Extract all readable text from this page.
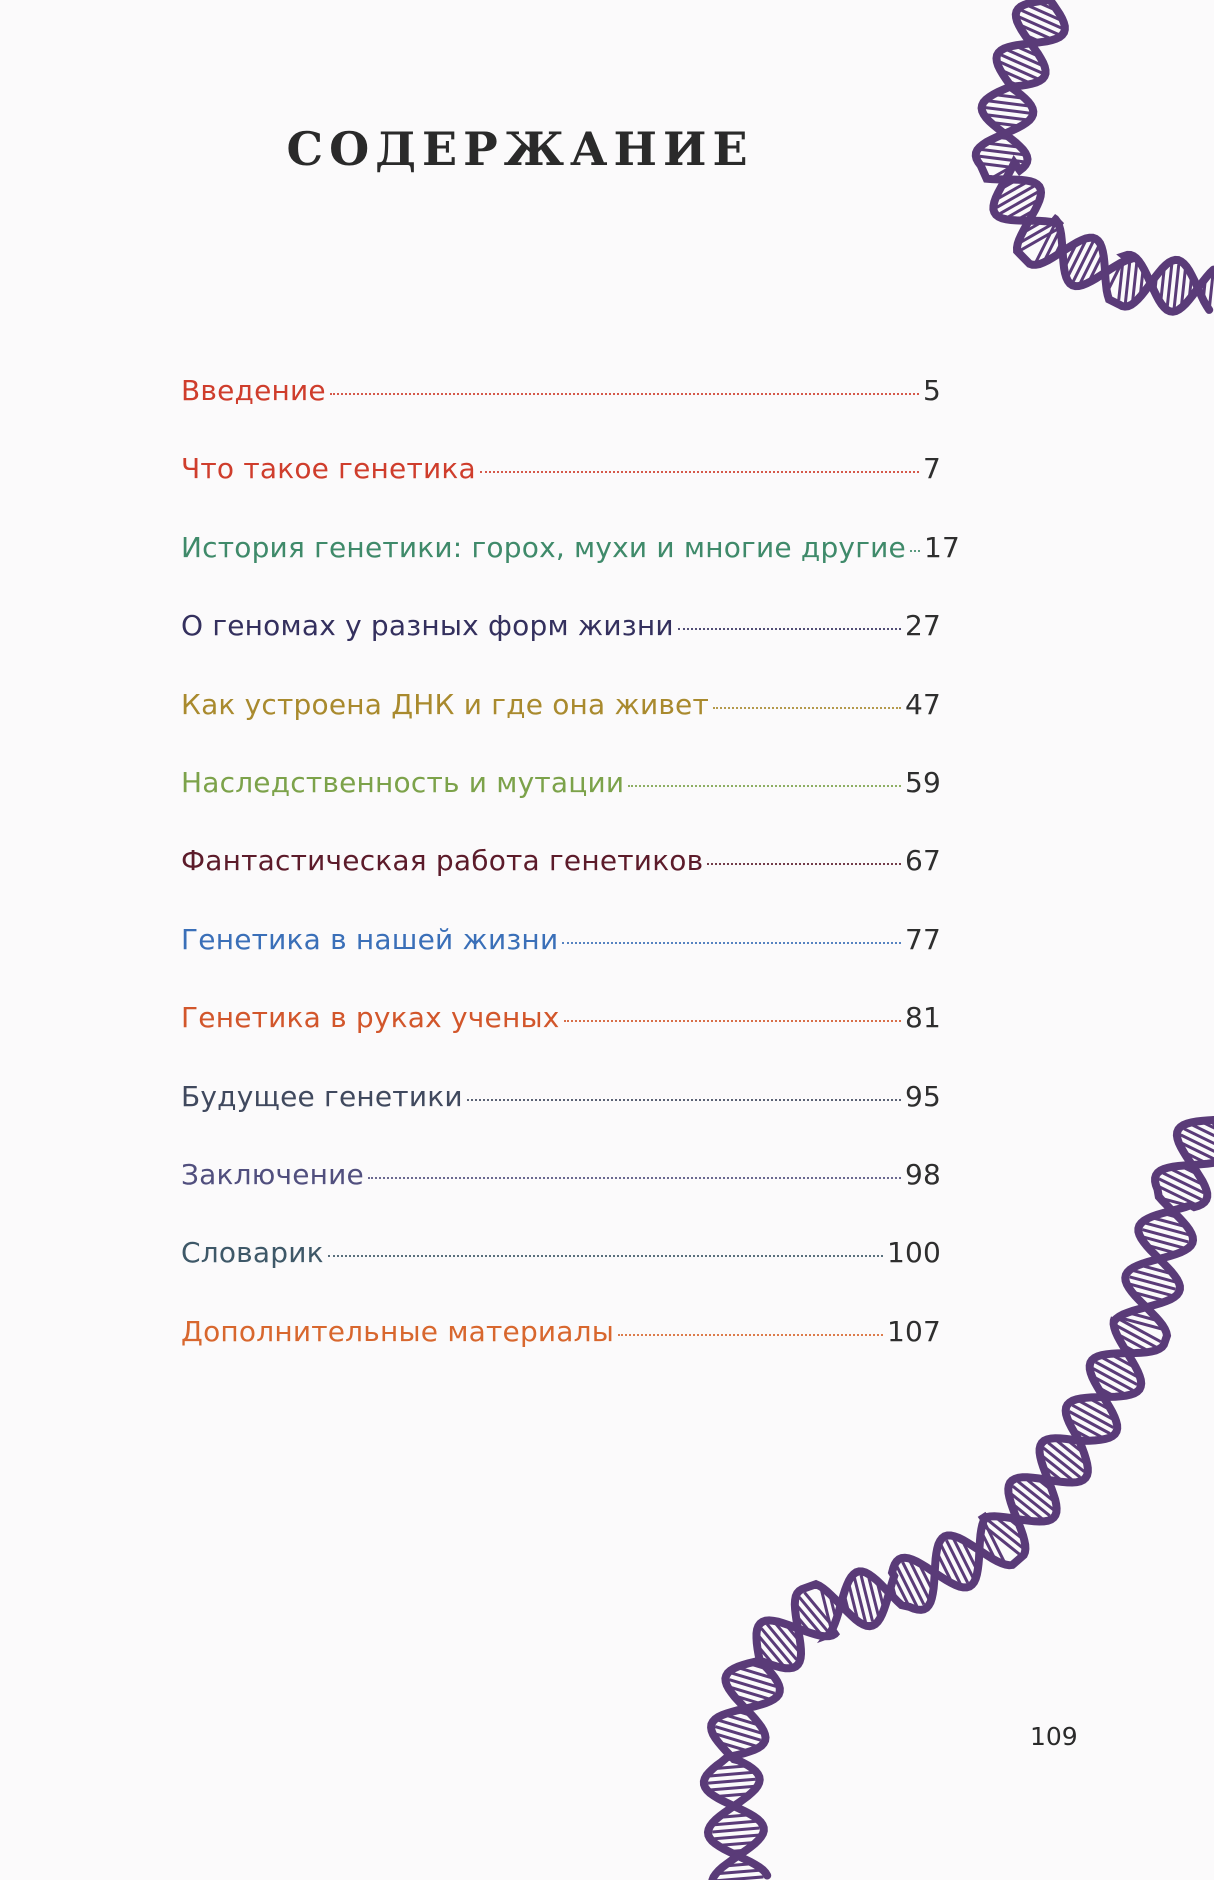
СОДЕРЖАНИЕ
Введение	5
Что такое генетика	7
История генетики: горох, мухи и многие другие 17
О геномах у разных форм жизни	27
Как устроена ДНК и где она живет	47
Наследственность и мутации	59
Фантастическая работа генетиков	67
Генетика в нашей жизни	77
Генетика в руках ученых	81
Будущее генетики	95
Заключение	98
Словарик	100
Дополнительные материалы	107
109
